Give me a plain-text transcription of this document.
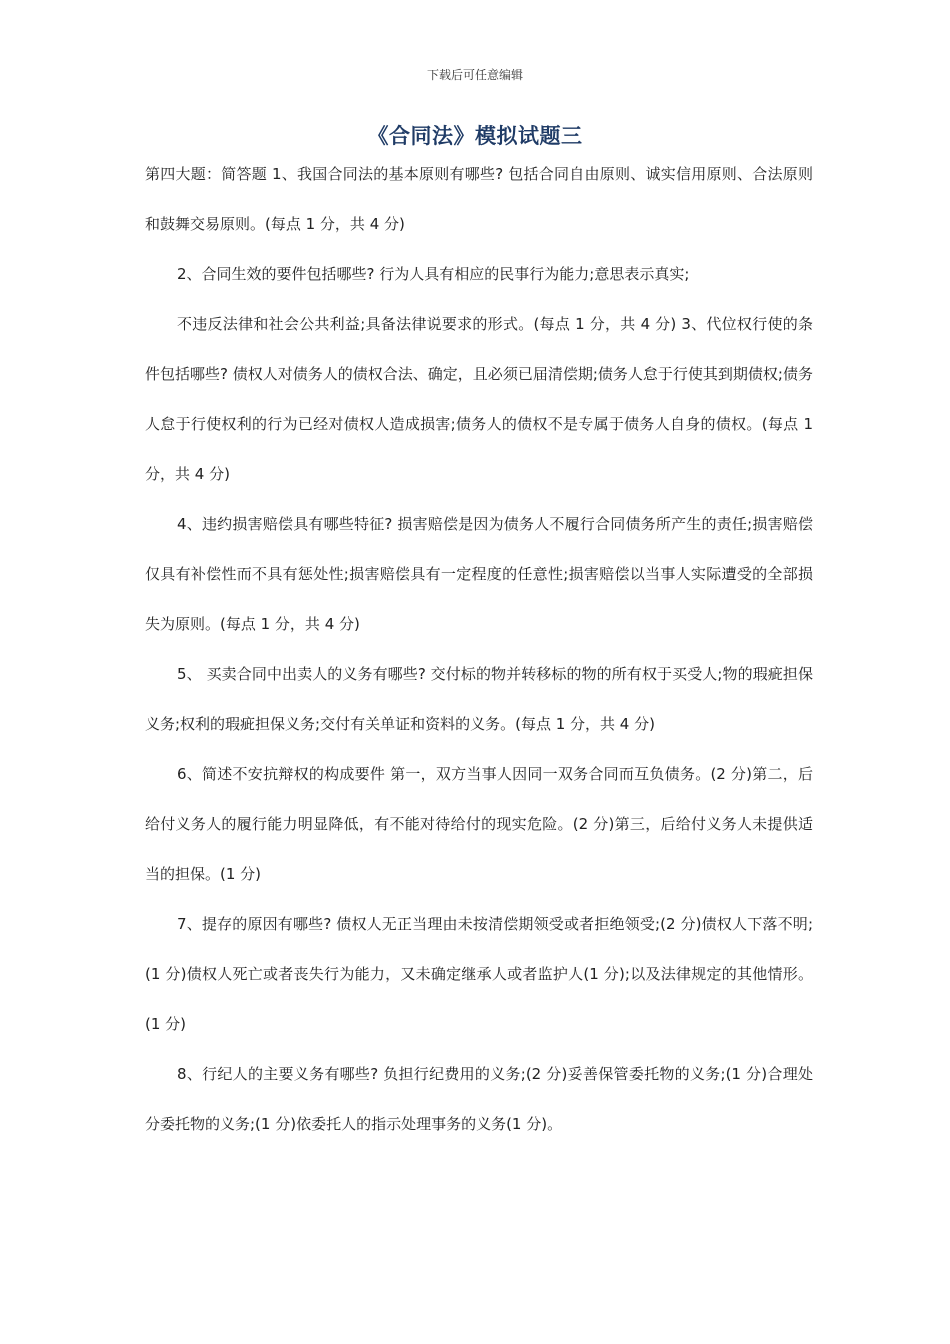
下载后可任意编辑
《合同法》模拟试题三

第四大题：简答题 1、我国合同法的基本原则有哪些? 包括合同自由原则、诚实信用原则、合法原则和鼓舞交易原则。(每点 1 分，共 4 分)

2、合同生效的要件包括哪些? 行为人具有相应的民事行为能力;意思表示真实;

不违反法律和社会公共利益;具备法律说要求的形式。(每点 1 分，共 4 分) 3、代位权行使的条件包括哪些? 债权人对债务人的债权合法、确定，且必须已届清偿期;债务人怠于行使其到期债权;债务人怠于行使权利的行为已经对债权人造成损害;债务人的债权不是专属于债务人自身的债权。(每点 1 分，共 4 分)

4、违约损害赔偿具有哪些特征? 损害赔偿是因为债务人不履行合同债务所产生的责任;损害赔偿仅具有补偿性而不具有惩处性;损害赔偿具有一定程度的任意性;损害赔偿以当事人实际遭受的全部损失为原则。(每点 1 分，共 4 分)

5、 买卖合同中出卖人的义务有哪些? 交付标的物并转移标的物的所有权于买受人;物的瑕疵担保义务;权利的瑕疵担保义务;交付有关单证和资料的义务。(每点 1 分，共 4 分)

6、简述不安抗辩权的构成要件 第一，双方当事人因同一双务合同而互负债务。(2 分)第二，后给付义务人的履行能力明显降低，有不能对待给付的现实危险。(2 分)第三，后给付义务人未提供适当的担保。(1 分)

7、提存的原因有哪些? 债权人无正当理由未按清偿期领受或者拒绝领受;(2 分)债权人下落不明;(1 分)债权人死亡或者丧失行为能力，又未确定继承人或者监护人(1 分);以及法律规定的其他情形。(1 分)

8、行纪人的主要义务有哪些? 负担行纪费用的义务;(2 分)妥善保管委托物的义务;(1 分)合理处分委托物的义务;(1 分)依委托人的指示处理事务的义务(1 分)。
